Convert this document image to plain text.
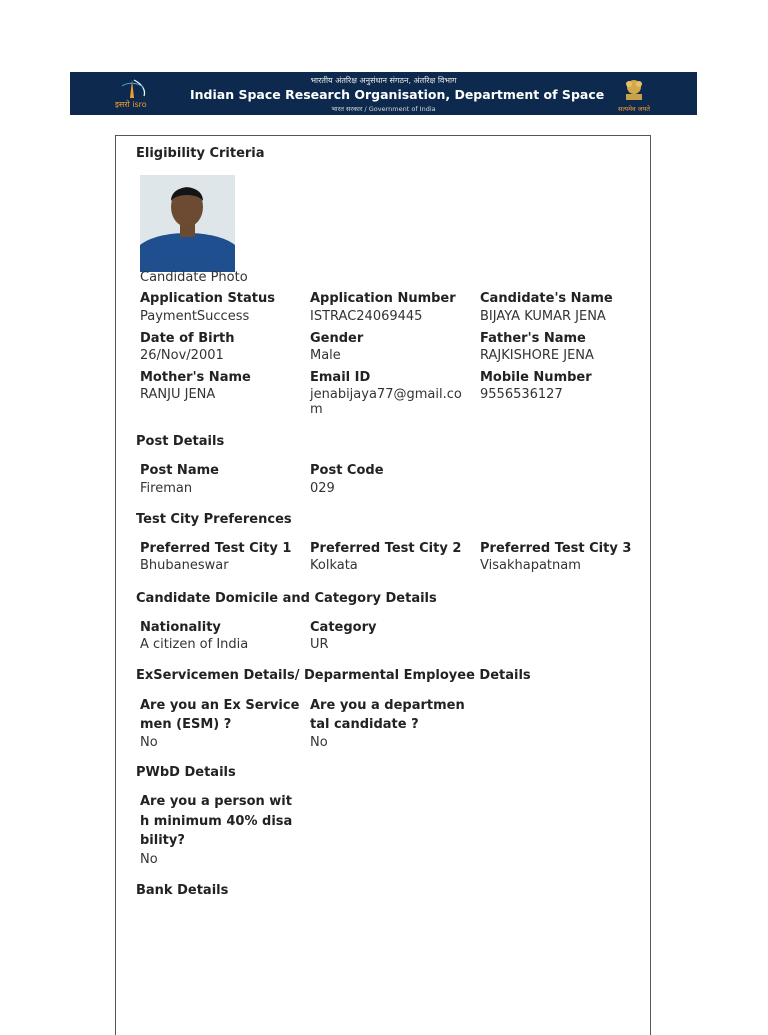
इसरो isro
भारतीय अंतरिक्ष अनुसंधान संगठन, अंतरिक्ष विभाग
Indian Space Research Organisation, Department of Space
भारत सरकार / Government of India	सत्यमेव जयते
Eligibility Criteria
Candidate Photo
Application Status
PaymentSuccess
Application Number
ISTRAC24069445
Candidate's Name
BIJAYA KUMAR JENA
Date of Birth
26/Nov/2001
Gender
Male
Father's Name
RAJKISHORE JENA
Mother's Name
RANJU JENA
Email ID
jenabijaya77@gmail.co
m
Mobile Number
9556536127
Post Details
Post Name
Fireman
Post Code
029
Test City Preferences
Preferred Test City 1
Bhubaneswar
Preferred Test City 2
Kolkata
Preferred Test City 3
Visakhapatnam
Candidate Domicile and Category Details
Nationality
A citizen of India
Category
UR
ExServicemen Details/ Deparmental Employee Details
Are you an Ex Service
men (ESM) ?
No
Are you a departmen
tal candidate ?
No
PWbD Details
Are you a person wit
h minimum 40% disa
bility?
No
Bank Details
